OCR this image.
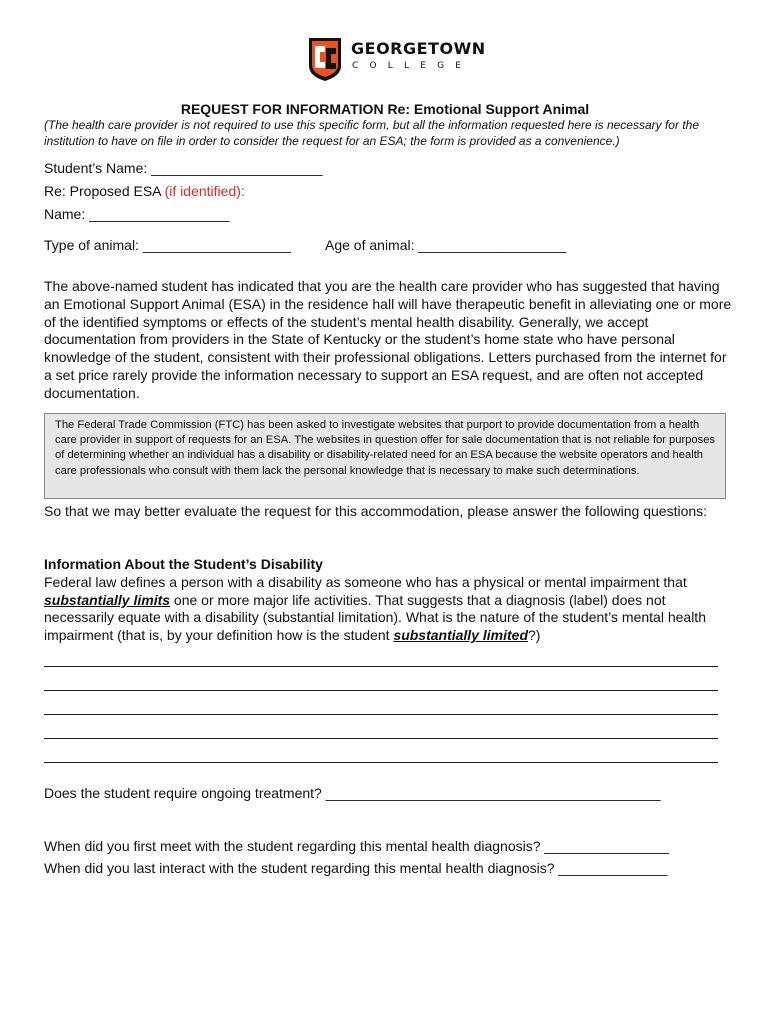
GEORGETOWN
COLLEGE
REQUEST FOR INFORMATION Re: Emotional Support Animal
(The health care provider is not required to use this specific form, but all the information requested here is necessary for the institution to have on file in order to consider the request for an ESA; the form is provided as a convenience.)
Student’s Name: ______________________
Re: Proposed ESA (if identified):
Name: __________________
Type of animal: ___________________ Age of animal: ___________________
The above-named student has indicated that you are the health care provider who has suggested that having an Emotional Support Animal (ESA) in the residence hall will have therapeutic benefit in alleviating one or more of the identified symptoms or effects of the student’s mental health disability. Generally, we accept documentation from providers in the State of Kentucky or the student’s home state who have personal knowledge of the student, consistent with their professional obligations. Letters purchased from the internet for a set price rarely provide the information necessary to support an ESA request, and are often not accepted documentation.
The Federal Trade Commission (FTC) has been asked to investigate websites that purport to provide documentation from a health care provider in support of requests for an ESA. The websites in question offer for sale documentation that is not reliable for purposes of determining whether an individual has a disability or disability-related need for an ESA because the website operators and health care professionals who consult with them lack the personal knowledge that is necessary to make such determinations.
So that we may better evaluate the request for this accommodation, please answer the following questions:
Information About the Student’s Disability
Federal law defines a person with a disability as someone who has a physical or mental impairment that substantially limits one or more major life activities. That suggests that a diagnosis (label) does not necessarily equate with a disability (substantial limitation). What is the nature of the student’s mental health impairment (that is, by your definition how is the student substantially limited?)
Does the student require ongoing treatment? ___________________________________________
When did you first meet with the student regarding this mental health diagnosis? ________________
When did you last interact with the student regarding this mental health diagnosis? ______________
